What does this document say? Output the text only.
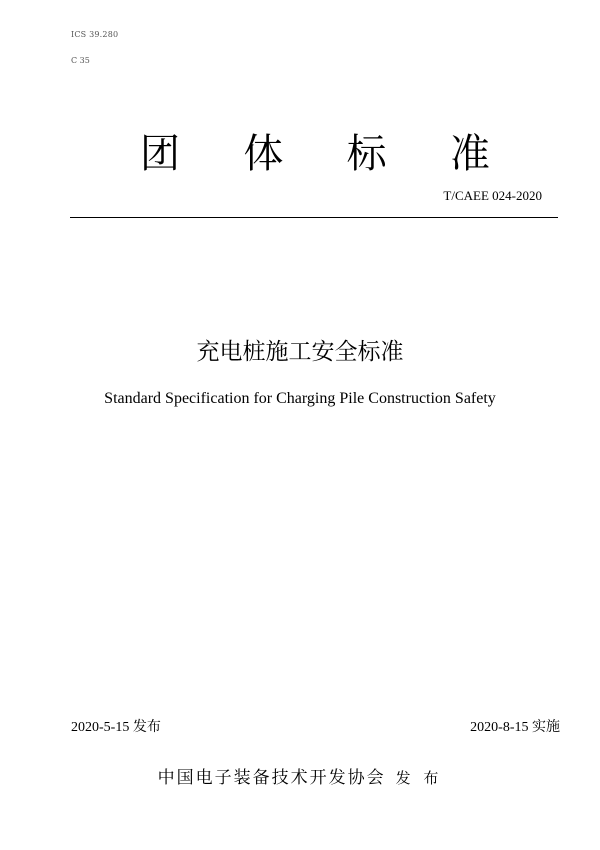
ICS 39.280
C 35
团 体 标 准
T/CAEE 024-2020
充电桩施工安全标准
Standard Specification for Charging Pile Construction Safety
2020-5-15 发布	2020-8-15 实施
中国电子装备技术开发协会 发 布
